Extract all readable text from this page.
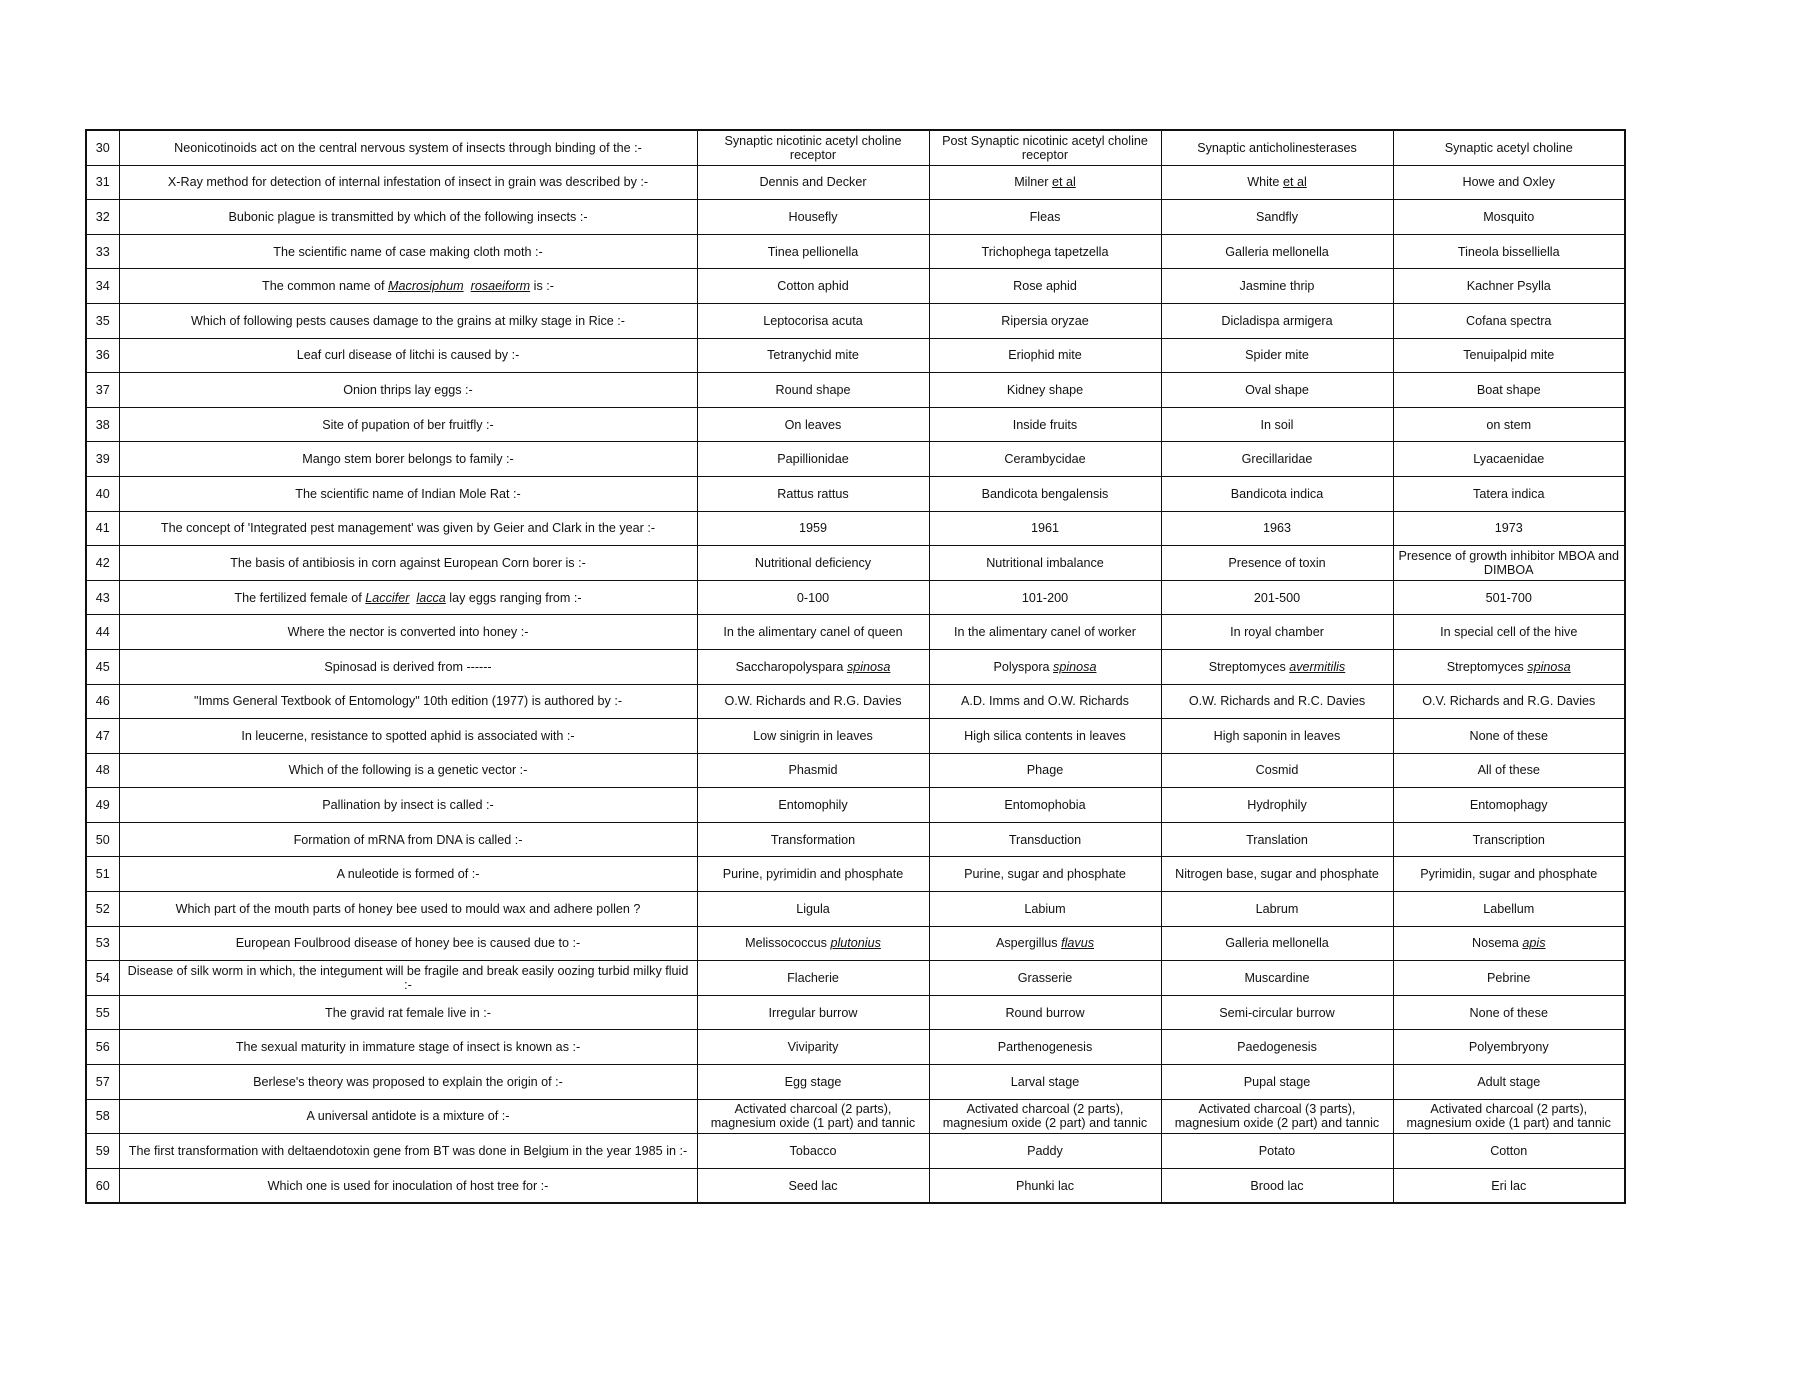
30	Neonicotinoids act on the central nervous system of insects through binding of the :-	Synaptic nicotinic acetyl choline receptor	Post Synaptic nicotinic acetyl choline receptor	Synaptic anticholinesterases	Synaptic acetyl choline
31	X-Ray method for detection of internal infestation of insect in grain was described by :-	Dennis and Decker	Milner et al	White et al	Howe and Oxley
32	Bubonic plague is transmitted by which of the following insects :-	Housefly	Fleas	Sandfly	Mosquito
33	The scientific name of case making cloth moth :-	Tinea pellionella	Trichophega tapetzella	Galleria mellonella	Tineola bisselliella
34	The common name of Macrosiphum rosaeiform is :-	Cotton aphid	Rose aphid	Jasmine thrip	Kachner Psylla
35	Which of following pests causes damage to the grains at milky stage in Rice :-	Leptocorisa acuta	Ripersia oryzae	Dicladispa armigera	Cofana spectra
36	Leaf curl disease of litchi is caused by :-	Tetranychid mite	Eriophid mite	Spider mite	Tenuipalpid mite
37	Onion thrips lay eggs :-	Round shape	Kidney shape	Oval shape	Boat shape
38	Site of pupation of ber fruitfly :-	On leaves	Inside fruits	In soil	on stem
39	Mango stem borer belongs to family :-	Papillionidae	Cerambycidae	Grecillaridae	Lyacaenidae
40	The scientific name of Indian Mole Rat :-	Rattus rattus	Bandicota bengalensis	Bandicota indica	Tatera indica
41	The concept of 'Integrated pest management' was given by Geier and Clark in the year :-	1959	1961	1963	1973
42	The basis of antibiosis in corn against European Corn borer is :-	Nutritional deficiency	Nutritional imbalance	Presence of toxin	Presence of growth inhibitor MBOA and DIMBOA
43	The fertilized female of Laccifer lacca lay eggs ranging from :-	0-100	101-200	201-500	501-700
44	Where the nector is converted into honey :-	In the alimentary canel of queen	In the alimentary canel of worker	In royal chamber	In special cell of the hive
45	Spinosad is derived from ------	Saccharopolyspara spinosa	Polyspora spinosa	Streptomyces avermitilis	Streptomyces spinosa
46	"Imms General Textbook of Entomology" 10th edition (1977) is authored by :-	O.W. Richards and R.G. Davies	A.D. Imms and O.W. Richards	O.W. Richards and R.C. Davies	O.V. Richards and R.G. Davies
47	In leucerne, resistance to spotted aphid is associated with :-	Low sinigrin in leaves	High silica contents in leaves	High saponin in leaves	None of these
48	Which of the following is a genetic vector :-	Phasmid	Phage	Cosmid	All of these
49	Pallination by insect is called :-	Entomophily	Entomophobia	Hydrophily	Entomophagy
50	Formation of mRNA from DNA is called :-	Transformation	Transduction	Translation	Transcription
51	A nuleotide is formed of :-	Purine, pyrimidin and phosphate	Purine, sugar and phosphate	Nitrogen base, sugar and phosphate	Pyrimidin, sugar and phosphate
52	Which part of the mouth parts of honey bee used to mould wax and adhere pollen ?	Ligula	Labium	Labrum	Labellum
53	European Foulbrood disease of honey bee is caused due to :-	Melissococcus plutonius	Aspergillus flavus	Galleria mellonella	Nosema apis
54	Disease of silk worm in which, the integument will be fragile and break easily oozing turbid milky fluid :-	Flacherie	Grasserie	Muscardine	Pebrine
55	The gravid rat female live in :-	Irregular burrow	Round burrow	Semi-circular burrow	None of these
56	The sexual maturity in immature stage of insect is known as :-	Viviparity	Parthenogenesis	Paedogenesis	Polyembryony
57	Berlese's theory was proposed to explain the origin of :-	Egg stage	Larval stage	Pupal stage	Adult stage
58	A universal antidote is a mixture of :-	Activated charcoal (2 parts), magnesium oxide (1 part) and tannic	Activated charcoal (2 parts), magnesium oxide (2 part) and tannic	Activated charcoal (3 parts), magnesium oxide (2 part) and tannic	Activated charcoal (2 parts), magnesium oxide (1 part) and tannic
59	The first transformation with deltaendotoxin gene from BT was done in Belgium in the year 1985 in :-	Tobacco	Paddy	Potato	Cotton
60	Which one is used for inoculation of host tree for :-	Seed lac	Phunki lac	Brood lac	Eri lac
